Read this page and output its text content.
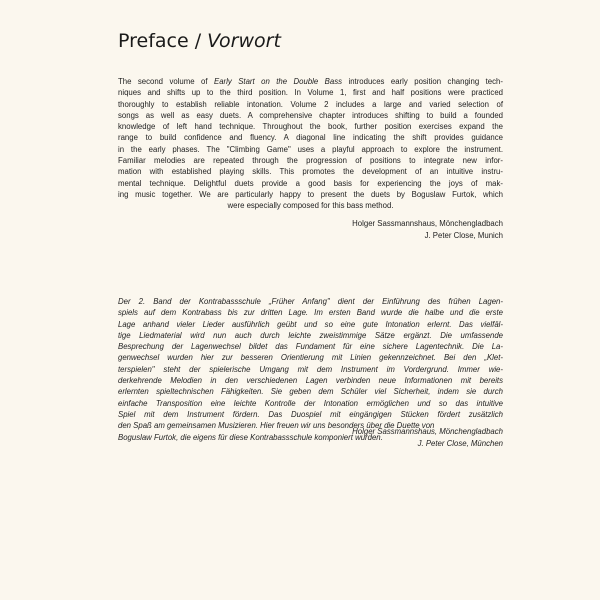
Preface / Vorwort
The second volume of Early Start on the Double Bass introduces early position changing tech-
niques and shifts up to the third position. In Volume 1, first and half positions were practiced
thoroughly to establish reliable intonation. Volume 2 includes a large and varied selection of
songs as well as easy duets. A comprehensive chapter introduces shifting to build a founded
knowledge of left hand technique. Throughout the book, further position exercises expand the
range to build confidence and fluency. A diagonal line indicating the shift provides guidance
in the early phases. The "Climbing Game" uses a playful approach to explore the instrument.
Familiar melodies are repeated through the progression of positions to integrate new infor-
mation with established playing skills. This promotes the development of an intuitive instru-
mental technique. Delightful duets provide a good basis for experiencing the joys of mak-
ing music together. We are particularly happy to present the duets by Boguslaw Furtok, which
were especially composed for this bass method.
Holger Sassmannshaus, Mönchengladbach
J. Peter Close, Munich
Der 2. Band der Kontrabassschule „Früher Anfang" dient der Einführung des frühen Lagen-
spiels auf dem Kontrabass bis zur dritten Lage. Im ersten Band wurde die halbe und die erste
Lage anhand vieler Lieder ausführlich geübt und so eine gute Intonation erlernt. Das vielfäl-
tige Liedmaterial wird nun auch durch leichte zweistimmige Sätze ergänzt. Die umfassende
Besprechung der Lagenwechsel bildet das Fundament für eine sichere Lagentechnik. Die La-
genwechsel wurden hier zur besseren Orientierung mit Linien gekennzeichnet. Bei den „Klet-
terspielen" steht der spielerische Umgang mit dem Instrument im Vordergrund. Immer wie-
derkehrende Melodien in den verschiedenen Lagen verbinden neue Informationen mit bereits
erlernten spieltechnischen Fähigkeiten. Sie geben dem Schüler viel Sicherheit, indem sie durch
einfache Transposition eine leichte Kontrolle der Intonation ermöglichen und so das intuitive
Spiel mit dem Instrument fördern. Das Duospiel mit eingängigen Stücken fördert zusätzlich
den Spaß am gemeinsamen Musizieren. Hier freuen wir uns besonders über die Duette von
Boguslaw Furtok, die eigens für diese Kontrabassschule komponiert wurden.
Holger Sassmannshaus, Mönchengladbach
J. Peter Close, München
